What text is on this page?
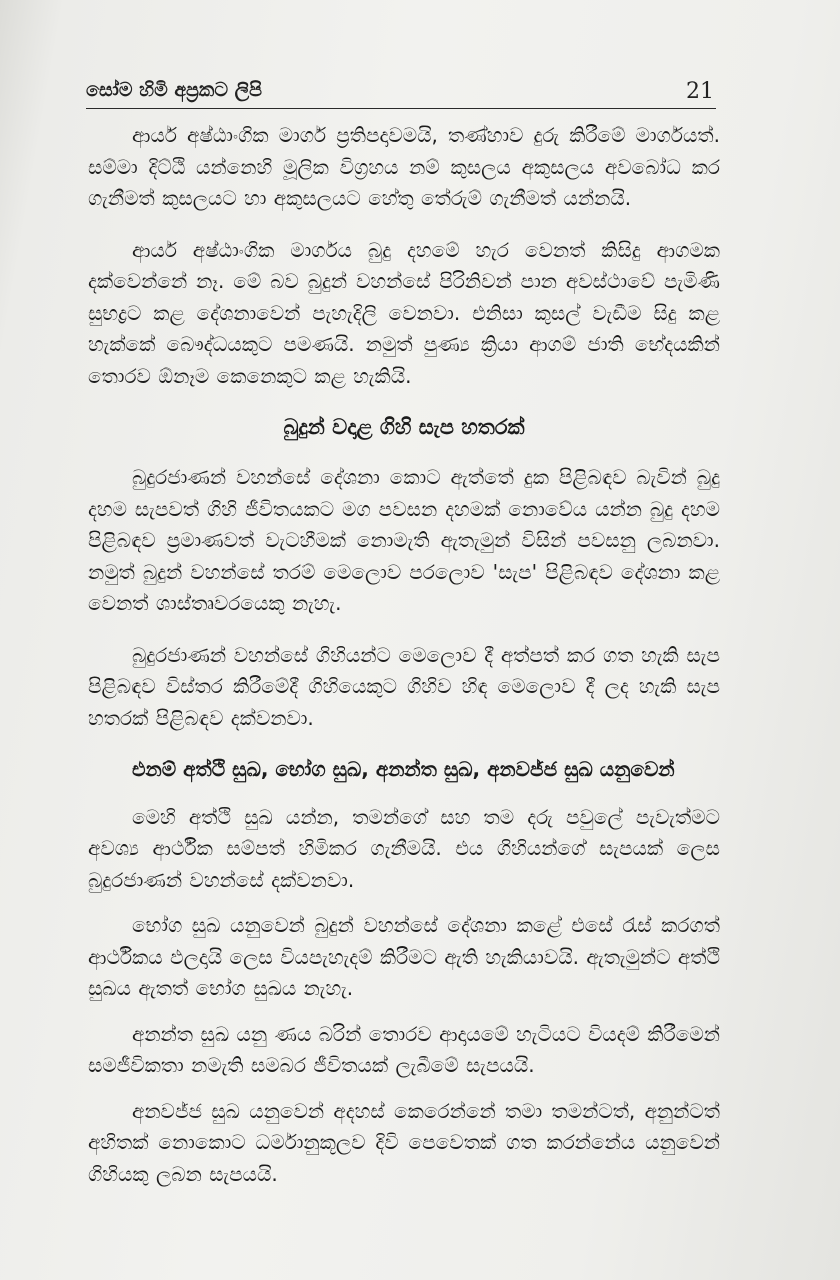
සෝම හිමි අප්‍රකට ලිපි	21

ආර්ය අෂ්ඨාංගික මාර්ග ප්‍රතිපදාවමයි, තණ්හාව දුරු කිරීමේ මාර්ගයත්. සම්මා දිට්ඨි යන්නෙහි මූලික විග්‍රහය නම් කුසලය අකුසලය අවබෝධ කර ගැනීමත් කුසලයට හා අකුසලයට හේතු තේරුම් ගැනීමත් යන්නයි.

ආර්ය අෂ්ඨාංගික මාර්ගය බුදු දහමේ හැර වෙනත් කිසිදු ආගමක දක්වෙන්නේ නෑ. මේ බව බුදුන් වහන්සේ පිරිනිවන් පාන අවස්ථාවේ පැමිණි සුභද්‍රට කළ දේශනාවෙන් පැහැදිලි වෙනවා. එනිසා කුසල් වැඩීම සිදු කළ හැක්කේ බෞද්ධයකුට පමණයි. නමුත් පුණ්‍ය ක්‍රියා ආගම් ජාති භේදයකින් තොරව ඕනෑම කෙනෙකුට කළ හැකියි.

බුදුන් වදාළ ගිහි සැප හතරක්

බුදුරජාණන් වහන්සේ දේශනා කොට ඇත්තේ දුක පිළිබඳව බැවින් බුදු දහම සැපවත් ගිහි ජීවිතයකට මග පවසන දහමක් නොවේය යන්න බුදු දහම පිළිබඳව ප්‍රමාණවත් වැටහීමක් නොමැති ඇතැමුන් විසින් පවසනු ලබනවා. නමුත් බුදුන් වහන්සේ තරම් මෙලොව පරලොව 'සැප' පිළිබඳව දේශනා කළ වෙනත් ශාස්තෘවරයෙකු නැහැ.

බුදුරජාණන් වහන්සේ ගිහියන්ට මෙලොව දී අත්පත් කර ගත හැකි සැප පිළිබඳව විස්තර කිරීමේදී ගිහියෙකුට ගිහිව හිඳ මෙලොව දී ලද හැකි සැප හතරක් පිළිබඳව දක්වනවා.

එනම් අත්ථි සුඛ, භෝග සුඛ, අනන්ත සුඛ, අනවජ්ජ සුඛ යනුවෙන්

මෙහි අත්ථි සුඛ යන්න, තමන්ගේ සහ තම දරු පවුලේ පැවැත්මට අවශ්‍ය ආර්ථික සම්පත් හිමිකර ගැනීමයි. එය ගිහියන්ගේ සැපයක් ලෙස බුදුරජාණන් වහන්සේ දක්වනවා.

භෝග සුඛ යනුවෙන් බුදුන් වහන්සේ දේශනා කළේ එසේ රැස් කරගත් ආර්ථිකය ඵලදායි ලෙස වියපැහැදම් කිරීමට ඇති හැකියාවයි. ඇතැමුන්ට අත්ථි සුඛය ඇතත් භෝග සුඛය නැහැ.

අනන්ත සුඛ යනු ණය බරින් තොරව ආදායමේ හැටියට වියදම් කිරීමෙන් සමජීවිකතා නමැති සමබර ජීවිතයක් ලැබීමේ සැපයයි.

අනවජ්ජ සුඛ යනුවෙන් අදහස් කෙරෙන්නේ තමා තමන්ටත්, අනුන්ටත් අහිතක් නොකොට ධර්මානුකූලව දිවි පෙවෙතක් ගත කරන්නේය යනුවෙන් ගිහියකු ලබන සැපයයි.
